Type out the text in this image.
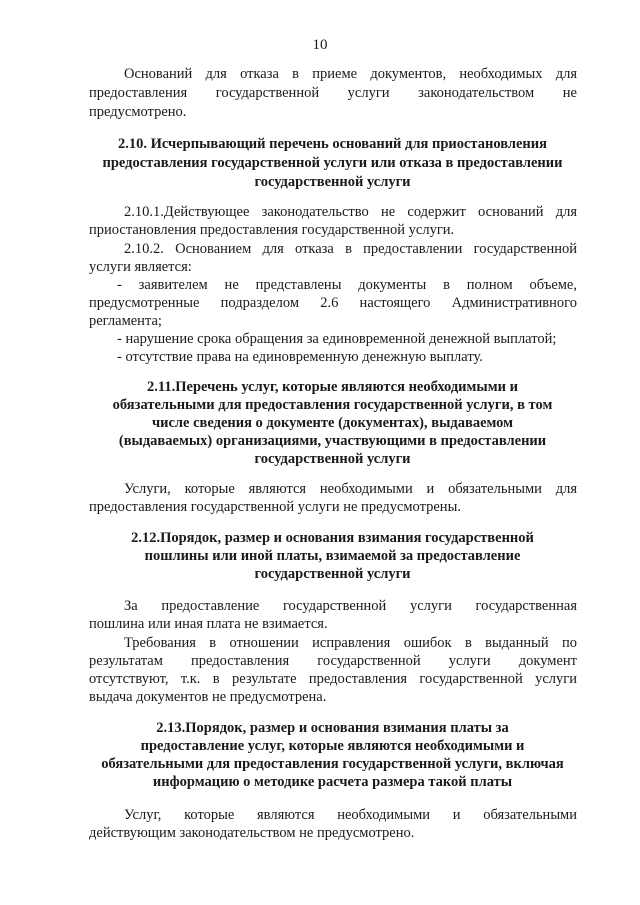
10
Оснований для отказа в приеме документов, необходимых для
предоставления государственной услуги законодательством не
предусмотрено.
2.10. Исчерпывающий перечень оснований для приостановления
предоставления государственной услуги или отказа в предоставлении
государственной услуги
2.10.1.Действующее законодательство не содержит оснований для
приостановления предоставления государственной услуги.
2.10.2. Основанием для отказа в предоставлении государственной
услуги является:
- заявителем не представлены документы в полном объеме,
предусмотренные подразделом 2.6 настоящего Административного
регламента;
- нарушение срока обращения за единовременной денежной выплатой;
- отсутствие права на единовременную денежную выплату.
2.11.Перечень услуг, которые являются необходимыми и
обязательными для предоставления государственной услуги, в том
числе сведения о документе (документах), выдаваемом
(выдаваемых) организациями, участвующими в предоставлении
государственной услуги
Услуги, которые являются необходимыми и обязательными для
предоставления государственной услуги не предусмотрены.
2.12.Порядок, размер и основания взимания государственной
пошлины или иной платы, взимаемой за предоставление
государственной услуги
За предоставление государственной услуги государственная
пошлина или иная плата не взимается.
Требования в отношении исправления ошибок в выданный по
результатам предоставления государственной услуги документ
отсутствуют, т.к. в результате предоставления государственной услуги
выдача документов не предусмотрена.
2.13.Порядок, размер и основания взимания платы за
предоставление услуг, которые являются необходимыми и
обязательными для предоставления государственной услуги, включая
информацию о методике расчета размера такой платы
Услуг, которые являются необходимыми и обязательными
действующим законодательством не предусмотрено.
